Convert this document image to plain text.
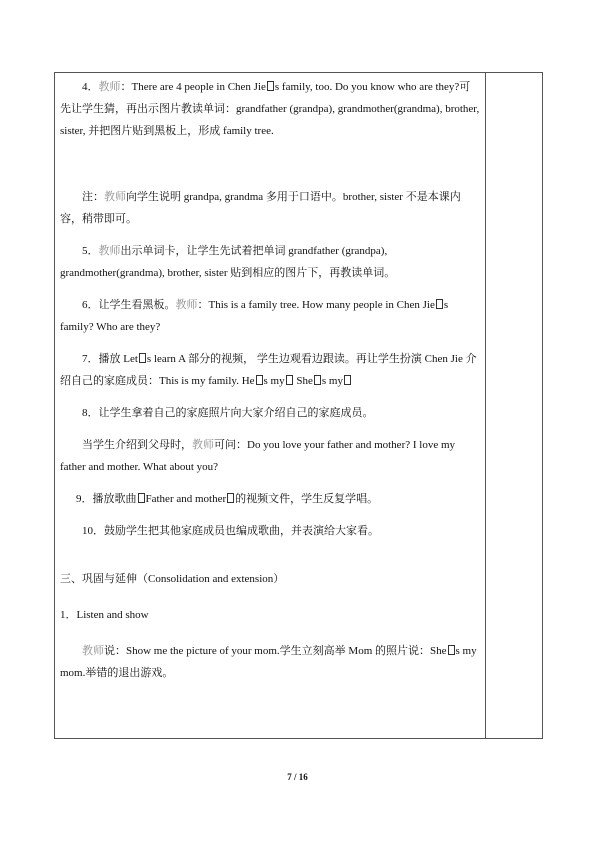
4．教师：There are 4 people in Chen Jie s family, too. Do you know who are they?可先让学生猜，再出示图片教读单词：grandfather (grandpa), grandmother(grandma), brother, sister, 并把图片贴到黑板上，形成 family tree.

注：教师向学生说明 grandpa, grandma 多用于口语中。brother, sister 不是本课内容，稍带即可。

5．教师出示单词卡，让学生先试着把单词 grandfather (grandpa), grandmother(grandma), brother, sister 贴到相应的图片下，再教读单词。

6．让学生看黑板。教师：This is a family tree. How many people in Chen Jie s family? Who are they?

7．播放 Let s learn A 部分的视频， 学生边观看边跟读。再让学生扮演 Chen Jie 介绍自己的家庭成员：This is my family. He s my She s my

8．让学生拿着自己的家庭照片向大家介绍自己的家庭成员。

当学生介绍到父母时，教师可问：Do you love your father and mother? I love my father and mother. What about you?

9．播放歌曲 Father and mother 的视频文件，学生反复学唱。

10．鼓励学生把其他家庭成员也编成歌曲，并表演给大家看。

三、巩固与延伸（Consolidation and extension）

1．Listen and show

教师说：Show me the picture of your mom.学生立刻高举 Mom 的照片说：She s my mom.举错的退出游戏。

7 / 16
